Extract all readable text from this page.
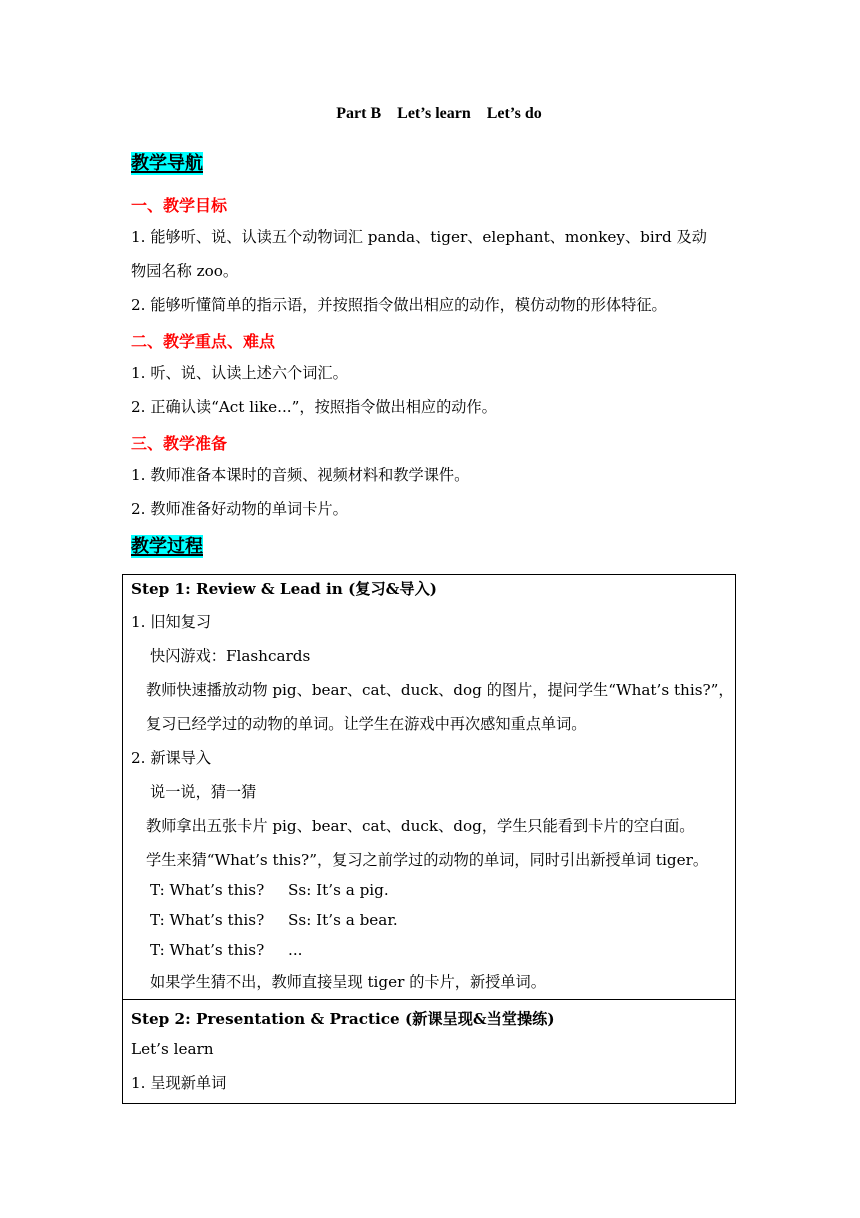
Part B    Let’s learn    Let’s do
教学导航
一、教学目标
1. 能够听、说、认读五个动物词汇 panda、tiger、elephant、monkey、bird 及动
物园名称 zoo。
2. 能够听懂简单的指示语，并按照指令做出相应的动作，模仿动物的形体特征。
二、教学重点、难点
1. 听、说、认读上述六个词汇。
2. 正确认读“Act like...”，按照指令做出相应的动作。
三、教学准备
1. 教师准备本课时的音频、视频材料和教学课件。
2. 教师准备好动物的单词卡片。
教学过程
Step 1: Review & Lead in (复习&导入)
1. 旧知复习
快闪游戏：Flashcards
教师快速播放动物 pig、bear、cat、duck、dog 的图片，提问学生“What’s this?”，
复习已经学过的动物的单词。让学生在游戏中再次感知重点单词。
2. 新课导入
说一说，猜一猜
教师拿出五张卡片 pig、bear、cat、duck、dog，学生只能看到卡片的空白面。
学生来猜“What’s this?”，复习之前学过的动物的单词，同时引出新授单词 tiger。
T: What’s this? Ss: It’s a pig.
T: What’s this? Ss: It’s a bear.
T: What’s this? ...
如果学生猜不出，教师直接呈现 tiger 的卡片，新授单词。
Step 2: Presentation & Practice (新课呈现&当堂操练)
Let’s learn
1. 呈现新单词
